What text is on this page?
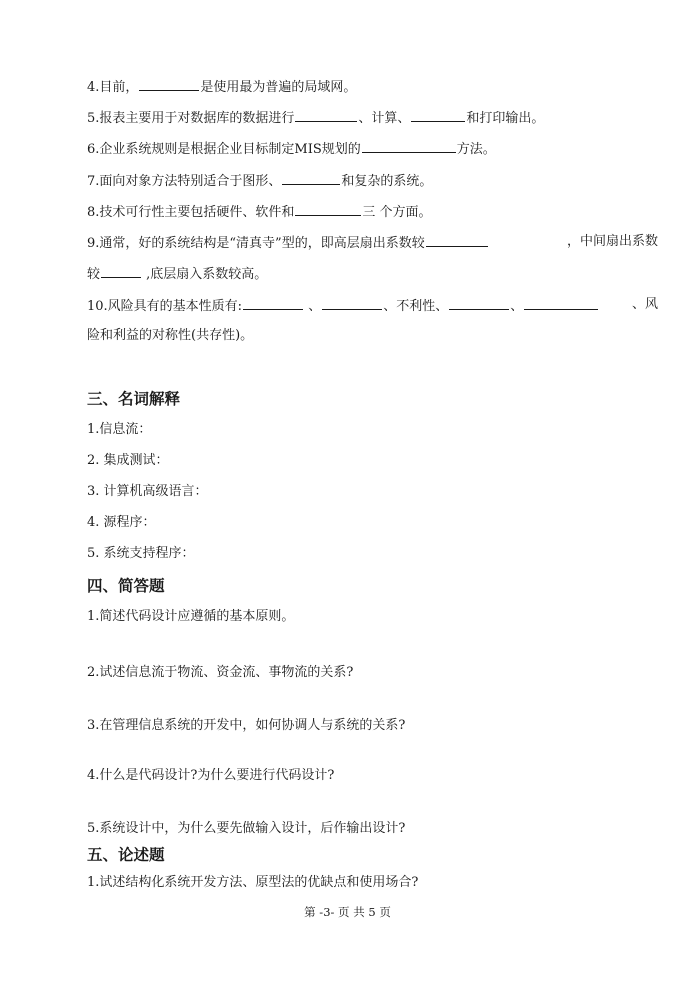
4.目前，	是使用最为普遍的局域网。
5.报表主要用于对数据库的数据进行	、计算、	和打印输出。
6.企业系统规则是根据企业目标制定MIS规划的	方法。
7.面向对象方法特别适合于图形、	和复杂的系统。
8.技术可行性主要包括硬件、软件和	三 个方面。
9.通常，好的系统结构是“清真寺”型的，即高层扇出系数较	，中间扇出系数
较	,底层扇入系数较高。
10.风险具有的基本性质有:	、	、不利性、	、	、风
险和利益的对称性(共存性)。
三、名词解释
1.信息流：
2. 集成测试：
3. 计算机高级语言：
4. 源程序：
5. 系统支持程序：
四、简答题
1.简述代码设计应遵循的基本原则。
2.试述信息流于物流、资金流、事物流的关系?
3.在管理信息系统的开发中，如何协调人与系统的关系?
4.什么是代码设计?为什么要进行代码设计?
5.系统设计中，为什么要先做输入设计，后作输出设计?
五、论述题
1.试述结构化系统开发方法、原型法的优缺点和使用场合?
第 -3- 页 共 5 页
